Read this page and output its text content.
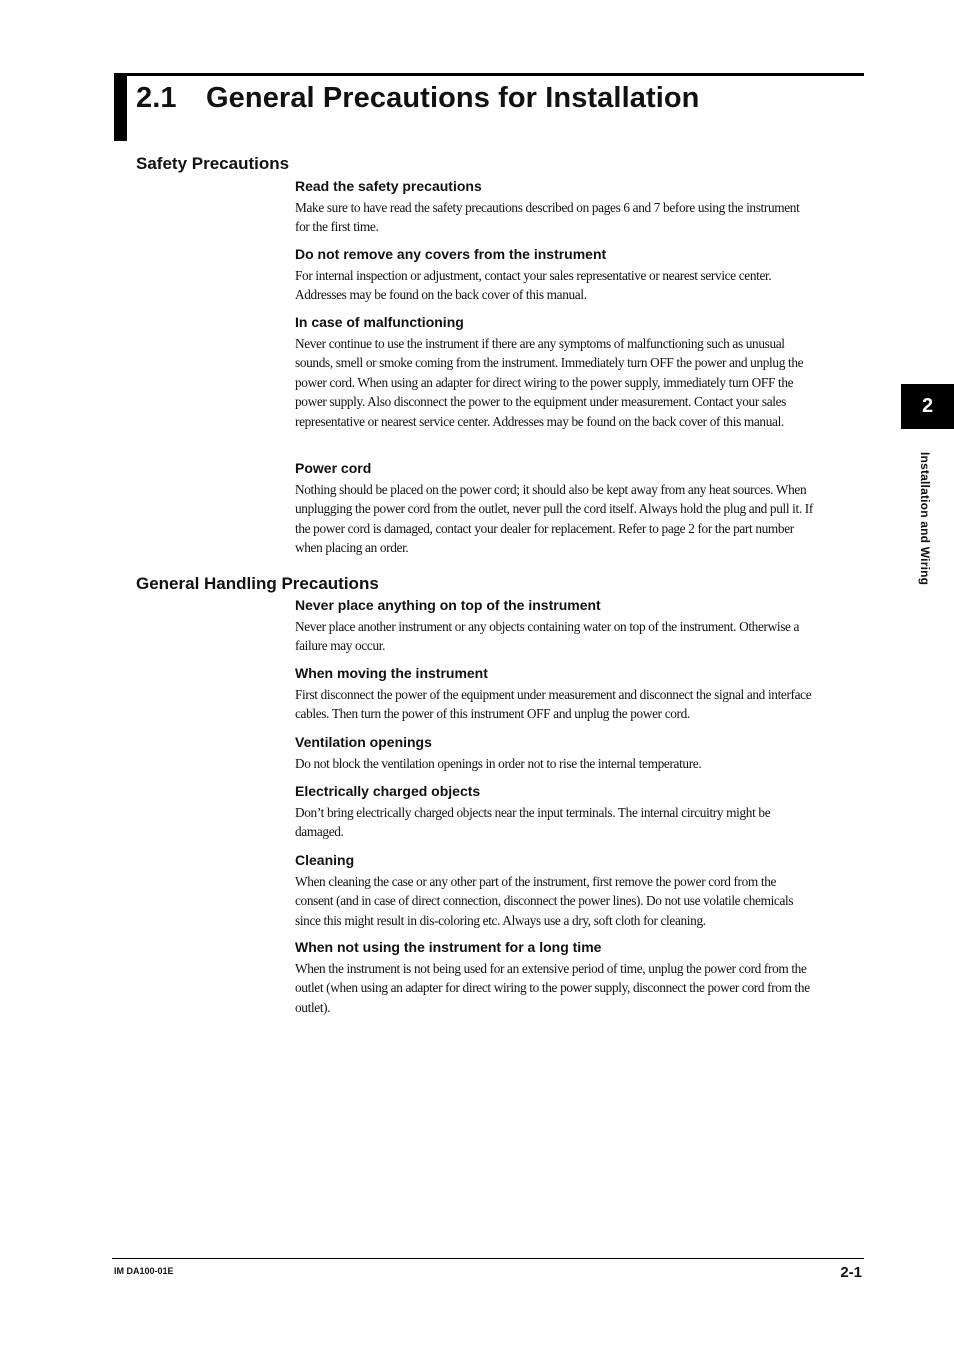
2.1 General Precautions for Installation
Safety Precautions
Read the safety precautions

Make sure to have read the safety precautions described on pages 6 and 7 before using the instrument for the first time.

Do not remove any covers from the instrument

For internal inspection or adjustment, contact your sales representative or nearest service center. Addresses may be found on the back cover of this manual.

In case of malfunctioning

Never continue to use the instrument if there are any symptoms of malfunctioning such as unusual sounds, smell or smoke coming from the instrument. Immediately turn OFF the power and unplug the power cord. When using an adapter for direct wiring to the power supply, immediately turn OFF the power supply. Also disconnect the power to the equipment under measurement. Contact your sales representative or nearest service center. Addresses may be found on the back cover of this manual.

Power cord

Nothing should be placed on the power cord; it should also be kept away from any heat sources. When unplugging the power cord from the outlet, never pull the cord itself. Always hold the plug and pull it. If the power cord is damaged, contact your dealer for replacement. Refer to page 2 for the part number when placing an order.

General Handling Precautions
Never place anything on top of the instrument

Never place another instrument or any objects containing water on top of the instrument. Otherwise a failure may occur.

When moving the instrument

First disconnect the power of the equipment under measurement and disconnect the signal and interface cables. Then turn the power of this instrument OFF and unplug the power cord.

Ventilation openings

Do not block the ventilation openings in order not to rise the internal temperature.

Electrically charged objects

Don’t bring electrically charged objects near the input terminals. The internal circuitry might be damaged.

Cleaning

When cleaning the case or any other part of the instrument, first remove the power cord from the consent (and in case of direct connection, disconnect the power lines). Do not use volatile chemicals since this might result in dis-coloring etc. Always use a dry, soft cloth for cleaning.

When not using the instrument for a long time

When the instrument is not being used for an extensive period of time, unplug the power cord from the outlet (when using an adapter for direct wiring to the power supply, disconnect the power cord from the outlet).

2
Installation and Wiring
IM DA100-01E	2-1
